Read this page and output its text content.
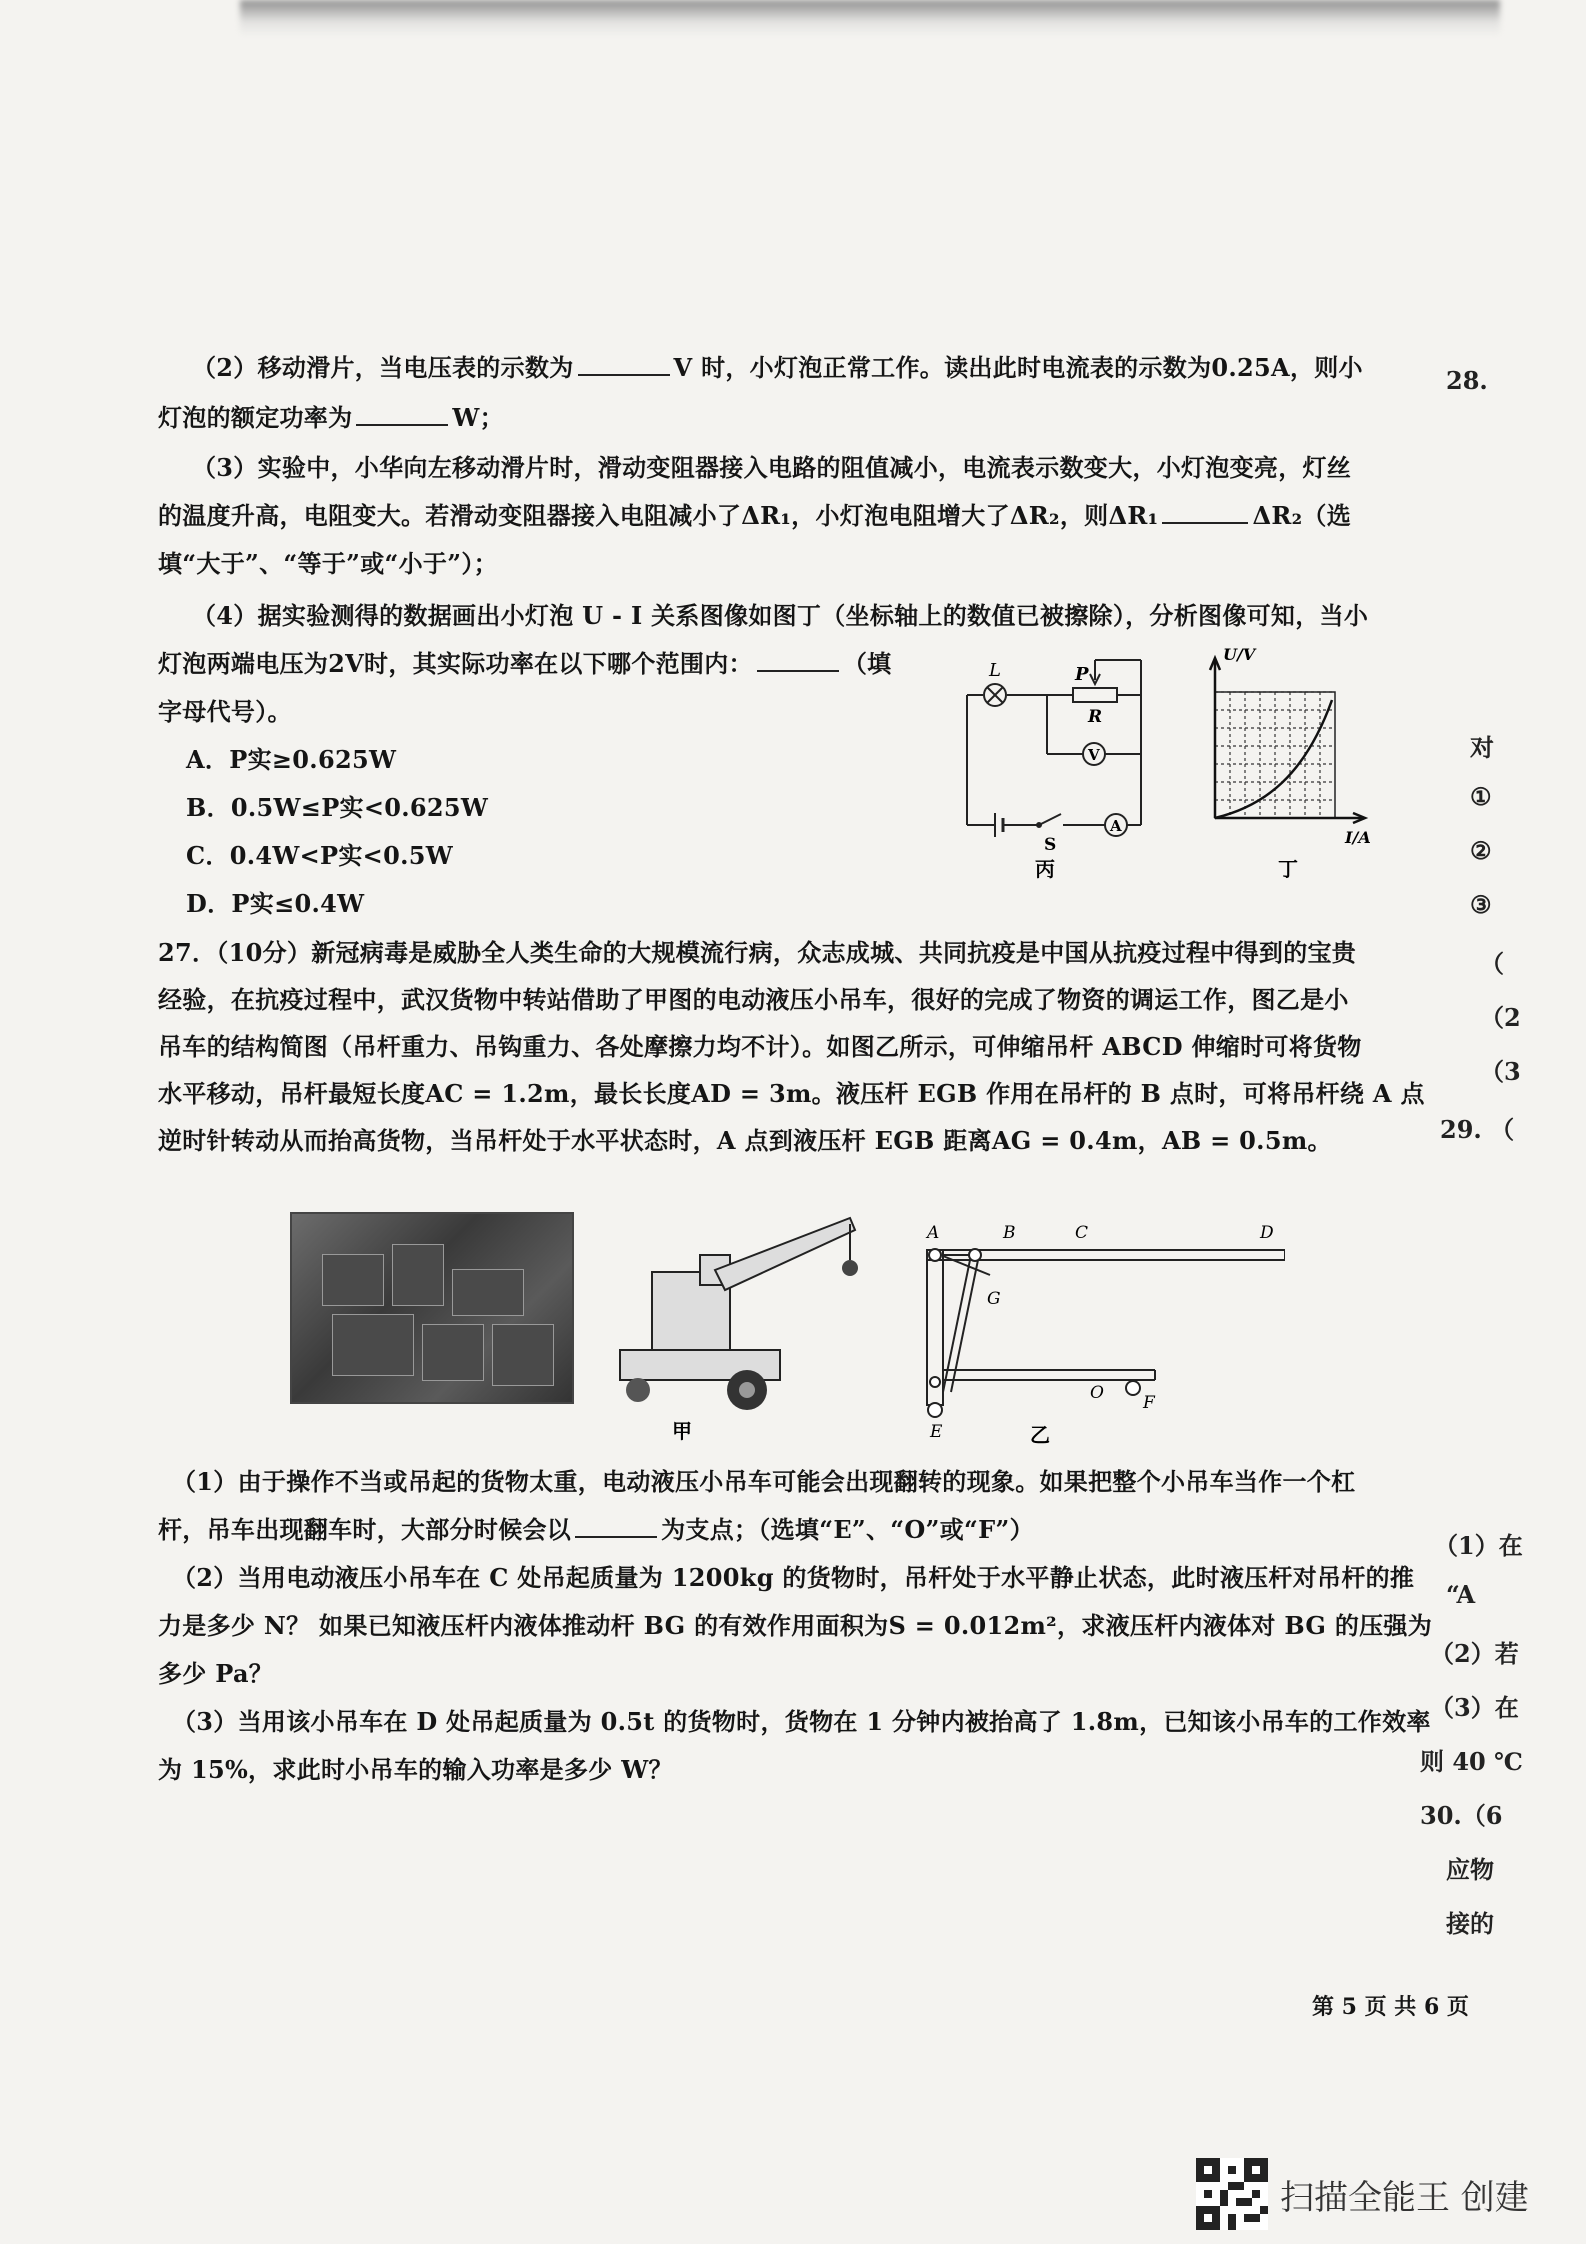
（2）移动滑片，当电压表的示数为	V 时，小灯泡正常工作。读出此时电流表的示数为0.25A，则小
灯泡的额定功率为	W；
（3）实验中，小华向左移动滑片时，滑动变阻器接入电路的阻值减小，电流表示数变大，小灯泡变亮，灯丝
的温度升高，电阻变大。若滑动变阻器接入电阻减小了ΔR₁，小灯泡电阻增大了ΔR₂，则ΔR₁	ΔR₂（选
填“大于”、“等于”或“小于”）；
（4）据实验测得的数据画出小灯泡 U - I 关系图像如图丁（坐标轴上的数值已被擦除），分析图像可知，当小
灯泡两端电压为2V时，其实际功率在以下哪个范围内：	（填
字母代号）。
A．P实≥0.625W
B．0.5W≤P实<0.625W
C．0.4W<P实<0.5W
D．P实≤0.4W
L	P
R
V
S
A
丙
U/V
I/A
丁
27．（10分）新冠病毒是威胁全人类生命的大规模流行病，众志成城、共同抗疫是中国从抗疫过程中得到的宝贵
经验，在抗疫过程中，武汉货物中转站借助了甲图的电动液压小吊车，很好的完成了物资的调运工作，图乙是小
吊车的结构简图（吊杆重力、吊钩重力、各处摩擦力均不计）。如图乙所示，可伸缩吊杆 ABCD 伸缩时可将货物
水平移动，吊杆最短长度AC = 1.2m，最长长度AD = 3m。液压杆 EGB 作用在吊杆的 B 点时，可将吊杆绕 A 点
逆时针转动从而抬高货物，当吊杆处于水平状态时，A 点到液压杆 EGB 距离AG = 0.4m，AB = 0.5m。
甲
A	B	C	D
G
E
O F
乙
（1）由于操作不当或吊起的货物太重，电动液压小吊车可能会出现翻转的现象。如果把整个小吊车当作一个杠
杆，吊车出现翻车时，大部分时候会以	为支点；（选填“E”、“O”或“F”）
（2）当用电动液压小吊车在 C 处吊起质量为 1200kg 的货物时，吊杆处于水平静止状态，此时液压杆对吊杆的推
力是多少 N？ 如果已知液压杆内液体推动杆 BG 的有效作用面积为S = 0.012m²，求液压杆内液体对 BG 的压强为
多少 Pa？
（3）当用该小吊车在 D 处吊起质量为 0.5t 的货物时，货物在 1 分钟内被抬高了 1.8m，已知该小吊车的工作效率
为 15%，求此时小吊车的输入功率是多少 W？
28.
对
①
②
③
（
（2
（3
29. （
（1）在
“A
（2）若
（3）在
则 40 ℃
30.（6
应物
接的
第 5 页 共 6 页
扫描全能王 创建
